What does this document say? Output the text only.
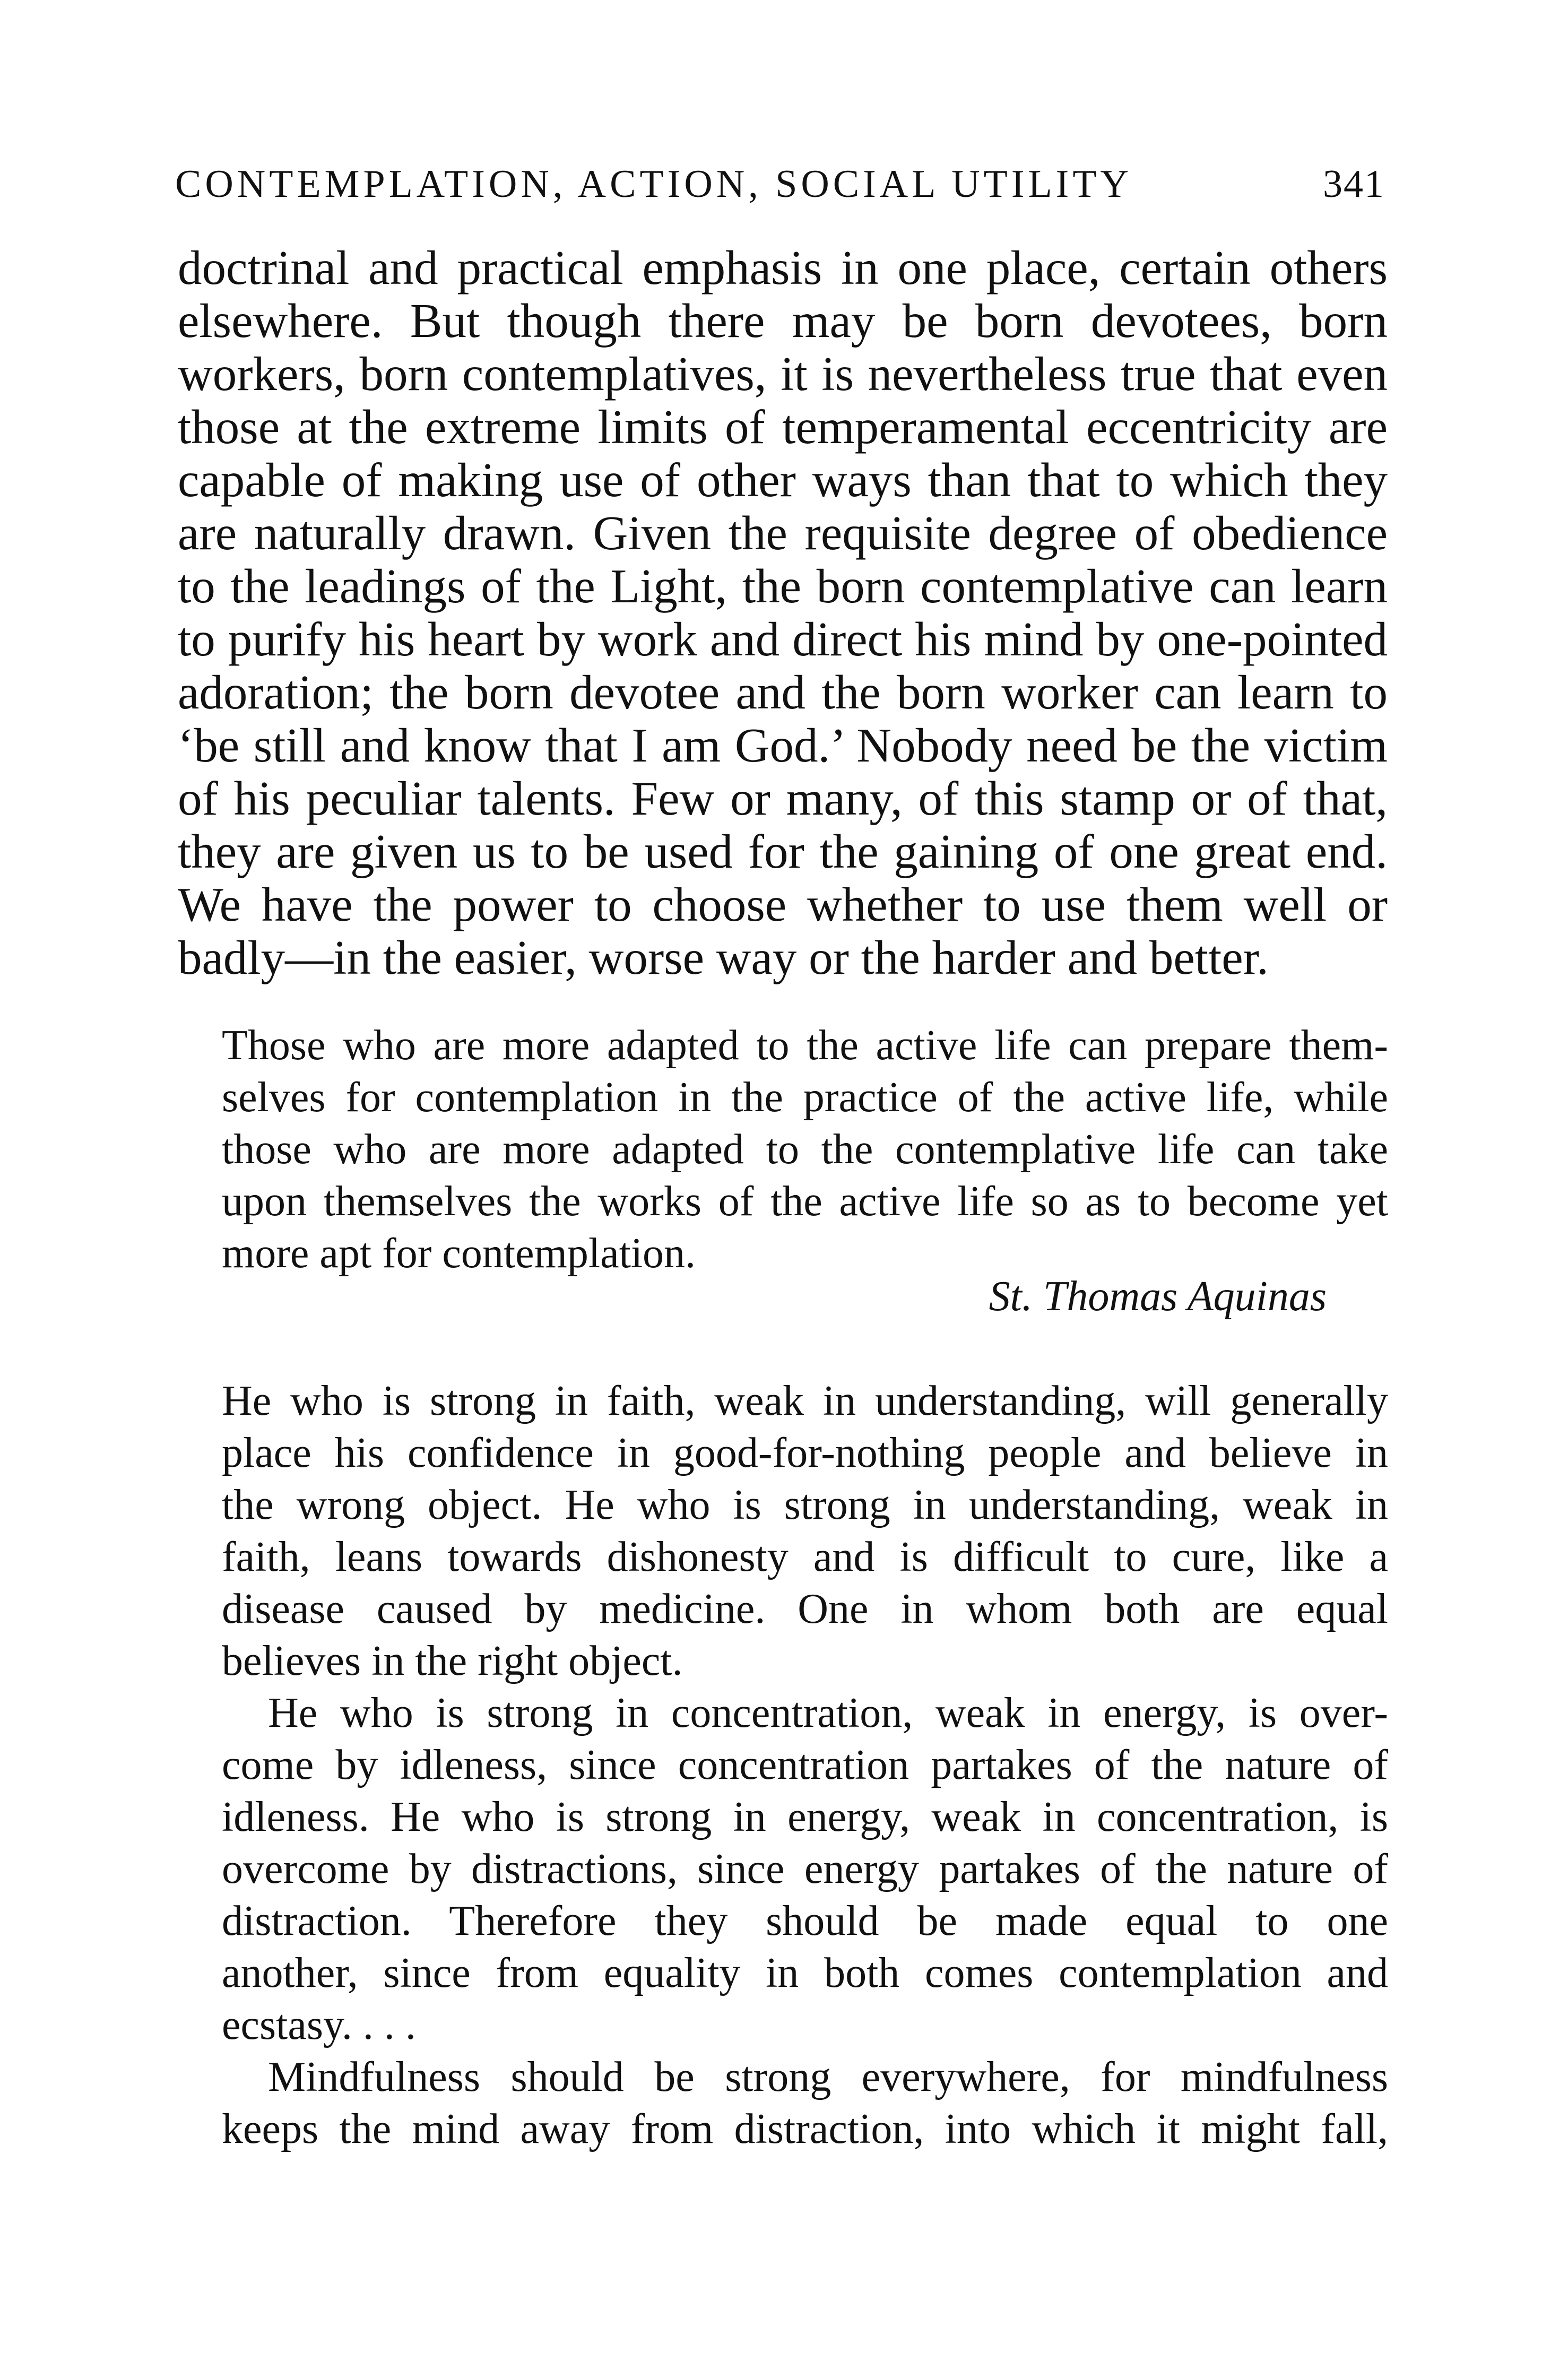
CONTEMPLATION, ACTION, SOCIAL UTILITY	341
doctrinal and practical emphasis in one place, certain others
elsewhere. But though there may be born devotees, born
workers, born contemplatives, it is nevertheless true that even
those at the extreme limits of temperamental eccentricity are
capable of making use of other ways than that to which they
are naturally drawn. Given the requisite degree of obedience
to the leadings of the Light, the born contemplative can learn
to purify his heart by work and direct his mind by one-pointed
adoration; the born devotee and the born worker can learn to
‘be still and know that I am God.’ Nobody need be the victim
of his peculiar talents. Few or many, of this stamp or of that,
they are given us to be used for the gaining of one great end.
We have the power to choose whether to use them well or
badly—in the easier, worse way or the harder and better.
Those who are more adapted to the active life can prepare them-
selves for contemplation in the practice of the active life, while
those who are more adapted to the contemplative life can take
upon themselves the works of the active life so as to become yet
more apt for contemplation.
St. Thomas Aquinas
He who is strong in faith, weak in understanding, will generally
place his confidence in good-for-nothing people and believe in
the wrong object. He who is strong in understanding, weak in
faith, leans towards dishonesty and is difficult to cure, like a
disease caused by medicine. One in whom both are equal
believes in the right object.
He who is strong in concentration, weak in energy, is over-
come by idleness, since concentration partakes of the nature of
idleness. He who is strong in energy, weak in concentration, is
overcome by distractions, since energy partakes of the nature of
distraction. Therefore they should be made equal to one
another, since from equality in both comes contemplation and
ecstasy. . . .
Mindfulness should be strong everywhere, for mindfulness
keeps the mind away from distraction, into which it might fall,
